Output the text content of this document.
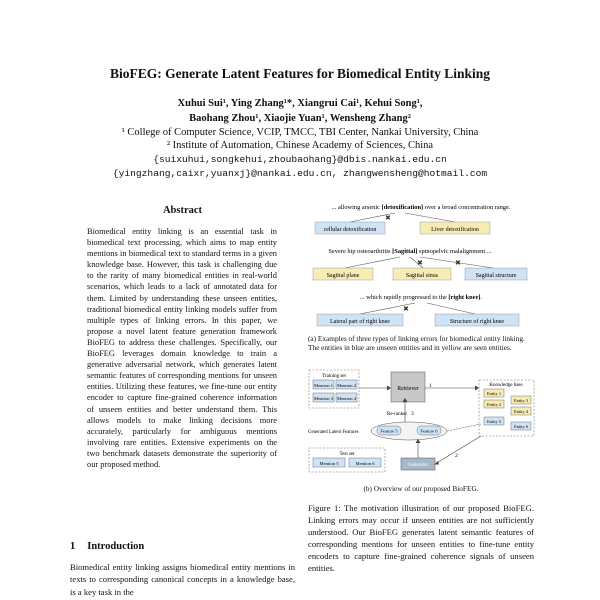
BioFEG: Generate Latent Features for Biomedical Entity Linking
Xuhui Sui¹, Ying Zhang¹*, Xiangrui Cai¹, Kehui Song¹,
Baohang Zhou¹, Xiaojie Yuan¹, Wensheng Zhang²
¹ College of Computer Science, VCIP, TMCC, TBI Center, Nankai University, China
² Institute of Automation, Chinese Academy of Sciences, China
{suixuhui,songkehui,zhoubaohang}@dbis.nankai.edu.cn
{yingzhang,caixr,yuanxj}@nankai.edu.cn, zhangwensheng@hotmail.com
Abstract
Biomedical entity linking is an essential task in biomedical text processing, which aims to map entity mentions in biomedical text to standard terms in a given knowledge base. However, this task is challenging due to the rarity of many biomedical entities in real-world scenarios, which leads to a lack of annotated data for them. Limited by understanding these unseen entities, traditional biomedical entity linking models suffer from multiple types of linking errors. In this paper, we propose a novel latent feature generation framework BioFEG to address these challenges. Specifically, our BioFEG leverages domain knowledge to train a generative adversarial network, which generates latent semantic features of corresponding mentions for unseen entities. Utilizing these features, we fine-tune our entity encoder to capture fine-grained coherence information of unseen entities and better understand them. This allows models to make linking decisions more accurately, particularly for ambiguous mentions involving rare entities. Extensive experiments on the two benchmark datasets demonstrate the superiority of our proposed method.
1 Introduction
Biomedical entity linking assigns biomedical entity mentions in texts to corresponding canonical concepts in a knowledge base, is a key task in the
... allowing arsenic [detoxification] over a broad concentration range.
✖
cellular detoxification	Liver detoxification
Severe hip osteoarthritis [Sagittal] spinopelvic malalignment ...
✖	✖
Sagittal plane	Sagittal sinus	Sagittal structure
... which rapidly progressed to the [right knee].
✖
Lateral part of right knee	Structure of right knee
(a) Examples of three types of linking errors for biomedical entity linking. The entities in blue are unseen entities and in yellow are seen entities.
Training set
Mention 1 Mention 2
Mention 3 Mention 4
Retriever 1	Knowledge base
Entity 1
Entity 2
Entity 3
Entity 4
Entity 5
Entity 6
Re-ranker 3
Generated Latent Features	Feature 5	Feature 6
Test set
Mention 5	Mention 6	Generator
2
(b) Overview of our proposed BioFEG.
Figure 1: The motivation illustration of our proposed BioFEG. Linking errors may occur if unseen entities are not sufficiently understood. Our BioFEG generates latent semantic features of corresponding mentions for unseen entities to fine-tune entity encoders to capture fine-grained coherence signals of unseen entities.
